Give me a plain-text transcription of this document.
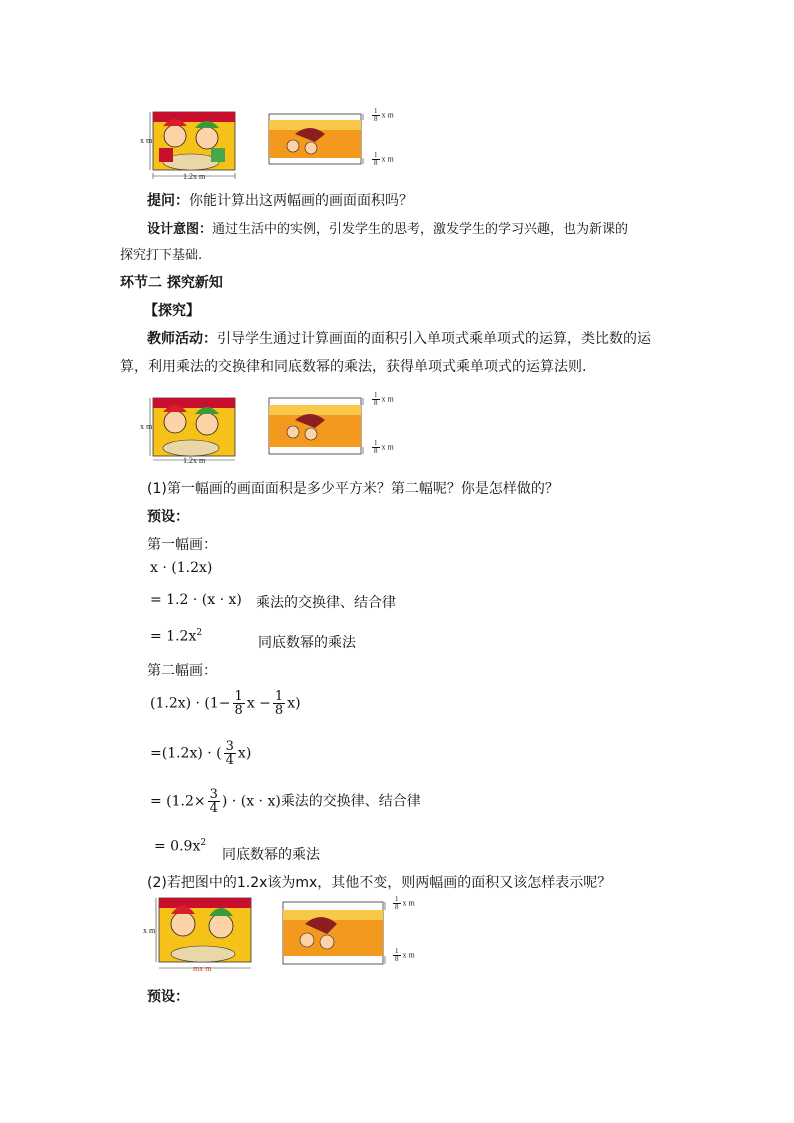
x m
1.2x m
$\frac{1}{8}$ x m
$\frac{1}{8}$ x m
提问：你能计算出这两幅画的画面面积吗？
设计意图：通过生活中的实例，引发学生的思考，激发学生的学习兴趣，也为新课的
探究打下基础.
环节二 探究新知
【探究】
教师活动：引导学生通过计算画面的面积引入单项式乘单项式的运算，类比数的运
算，利用乘法的交换律和同底数幂的乘法，获得单项式乘单项式的运算法则.
x m
1.2x m
$\frac{1}{8}$ x m
$\frac{1}{8}$ x m
(1)第一幅画的画面面积是多少平方米？第二幅呢？你是怎样做的？
预设：
第一幅画：
x · (1.2x)
= 1.2 · (x · x) 乘法的交换律、结合律
= $1.2x^2$
同底数幂的乘法
第二幅画：
$(1.2x) \cdot (1- \frac{1}{8}$ $x - \frac{1}{8} x$)
=(1.2x) · ( $\frac{3}{4} x$)
= ($1.2\times \frac{3}{4}$ ) · (x · x)乘法的交换律、结合律
= $0.9x^2$
同底数幂的乘法
(2)若把图中的1.2x该为mx，其他不变，则两幅画的面积又该怎样表示呢？
x m
mx m
$\frac{1}{8}$ x m
$\frac{1}{8}$ x m
预设：
